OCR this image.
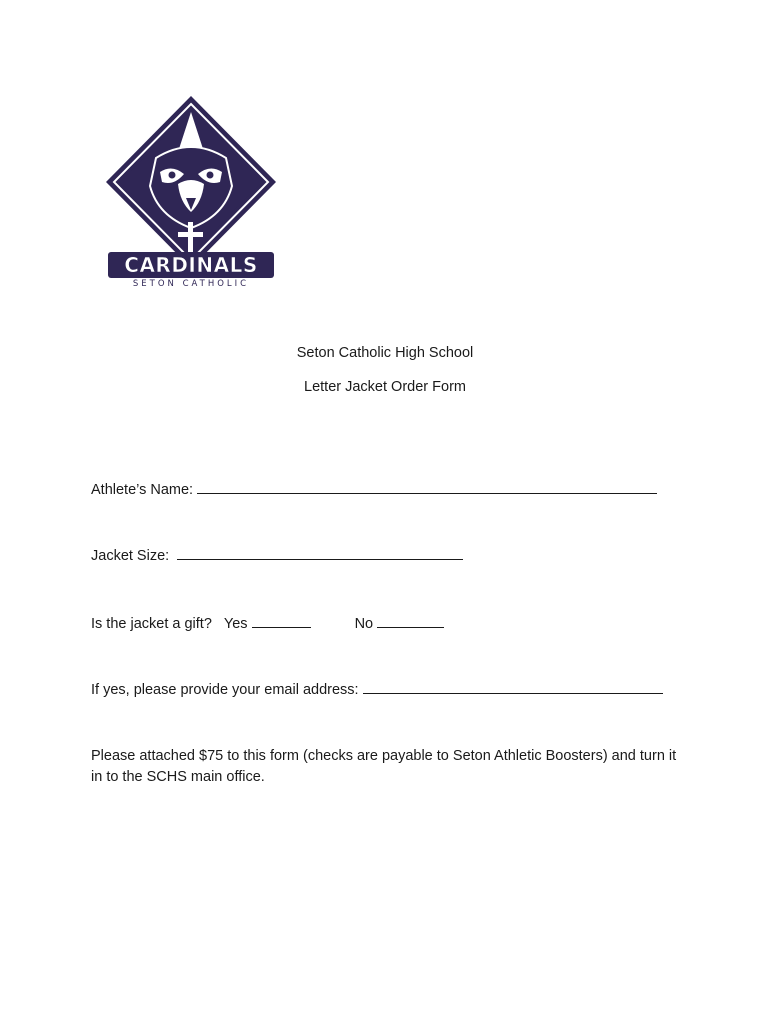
CARDINALS
SETON CATHOLIC
Seton Catholic High School
Letter Jacket Order Form
Athlete’s Name:
Jacket Size:
Is the jacket a gift? Yes	No
If yes, please provide your email address:
Please attached $75 to this form (checks are payable to Seton Athletic Boosters) and turn it in to the SCHS main office.
